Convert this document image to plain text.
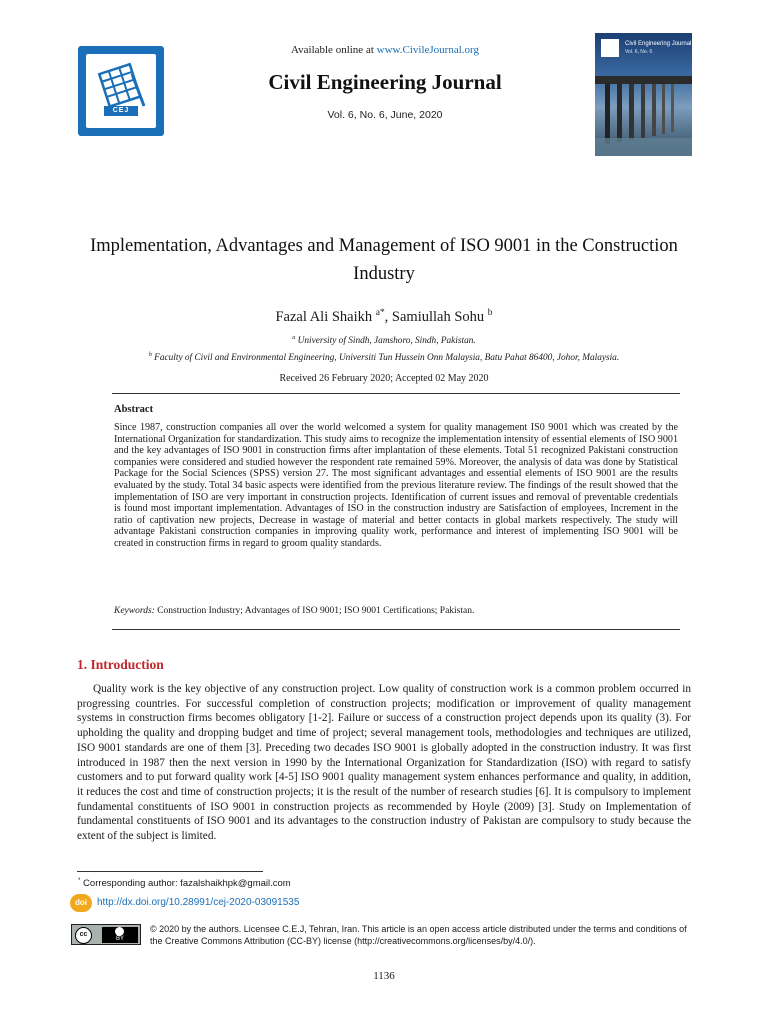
CEJ
Available online at www.CivileJournal.org
Civil Engineering Journal
Vol. 6, No. 6, June, 2020
Civil Engineering Journal
Vol. 6, No. 6
Implementation, Advantages and Management of ISO 9001 in the Construction Industry
Fazal Ali Shaikh $^{a*}$, Samiullah Sohu $^b$
$^a$ University of Sindh, Jamshoro, Sindh, Pakistan.
$^b$ Faculty of Civil and Environmental Engineering, Universiti Tun Hussein Onn Malaysia, Batu Pahat 86400, Johor, Malaysia.
Received 26 February 2020; Accepted 02 May 2020
Abstract
Since 1987, construction companies all over the world welcomed a system for quality management IS0 9001 which was created by the International Organization for standardization. This study aims to recognize the implementation intensity of essential elements of ISO 9001 and the key advantages of ISO 9001 in construction firms after implantation of these elements. Total 51 recognized Pakistani construction companies were considered and studied however the respondent rate remained 59%. Moreover, the analysis of data was done by Statistical Package for the Social Sciences (SPSS) version 27. The most significant advantages and essential elements of ISO 9001 are the results evaluated by the study. Total 34 basic aspects were identified from the previous literature review. The findings of the result showed that the implementation of ISO are very important in construction projects. Identification of current issues and removal of preventable credentials is found most important implementation. Advantages of ISO in the construction industry are Satisfaction of employees, Increment in the ratio of captivation new projects, Decrease in wastage of material and better contacts in global markets respectively. The study will advantage Pakistani construction companies in improving quality work, performance and interest of implementing ISO 9001 will be created in construction firms in regard to groom quality standards.
Keywords: Construction Industry; Advantages of ISO 9001; ISO 9001 Certifications; Pakistan.
1. Introduction
Quality work is the key objective of any construction project. Low quality of construction work is a common problem occurred in progressing countries. For successful completion of construction projects; modification or improvement of quality management systems in construction firms becomes obligatory [1-2]. Failure or success of a construction project depends upon its quality (3). For upholding the quality and dropping budget and time of project; several management tools, methodologies and techniques are utilized, ISO 9001 standards are one of them [3]. Preceding two decades ISO 9001 is globally adopted in the construction industry. It was first introduced in 1987 then the next version in 1990 by the International Organization for Standardization (ISO) with regard to satisfy customers and to put forward quality work [4-5] ISO 9001 quality management system enhances performance and quality, in addition, it reduces the cost and time of construction projects; it is the result of the number of research studies [6]. It is compulsory to implement fundamental constituents of ISO 9001 in construction projects as recommended by Hoyle (2009) [3]. Study on Implementation of fundamental constituents of ISO 9001 and its advantages to the construction industry of Pakistan are compulsory to study because the extent of the subject is limited.
* Corresponding author: fazalshaikhpk@gmail.com
doi	http://dx.doi.org/10.28991/cej-2020-03091535
cc
BY
© 2020 by the authors. Licensee C.E.J, Tehran, Iran. This article is an open access article distributed under the terms and conditions of the Creative Commons Attribution (CC-BY) license (http://creativecommons.org/licenses/by/4.0/).
1136
